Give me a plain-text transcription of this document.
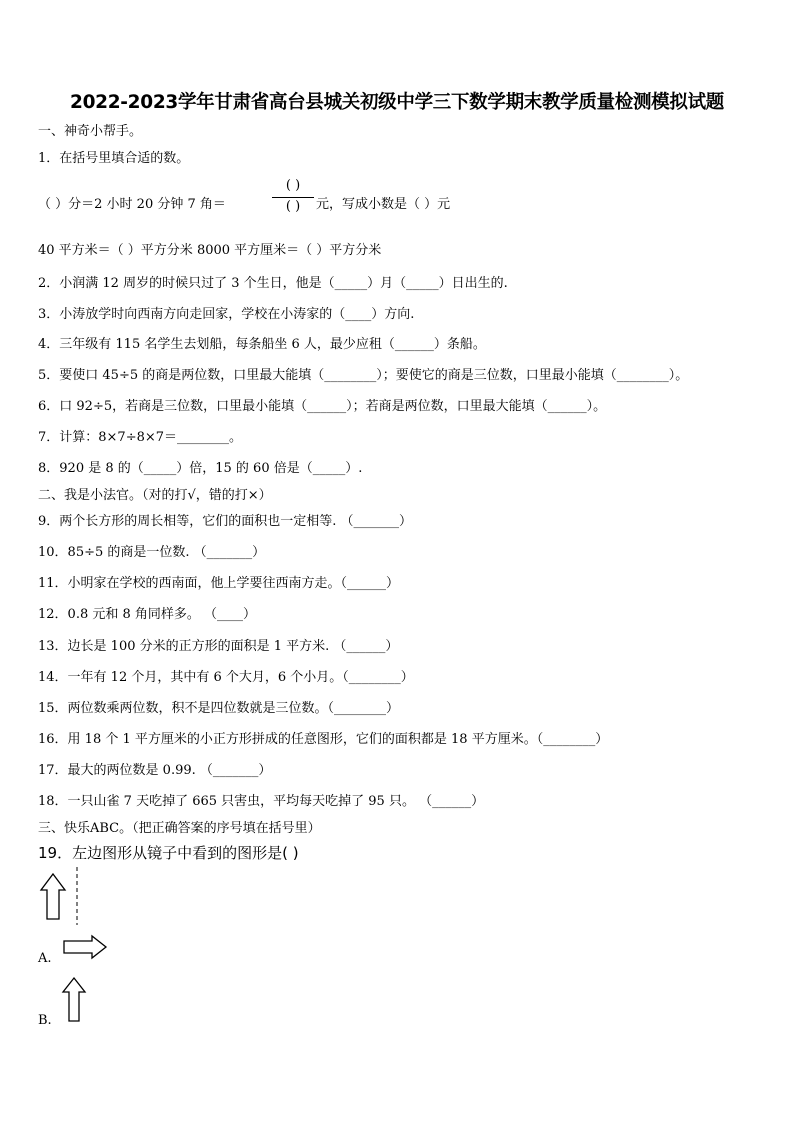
2022-2023学年甘肃省高台县城关初级中学三下数学期末教学质量检测模拟试题
一、神奇小帮手。
1．在括号里填合适的数。
（ ）分＝2 小时 20 分钟 7 角＝
( )
( )	元，写成小数是（ ）元
40 平方米＝（ ）平方分米 8000 平方厘米＝（ ）平方分米
2．小润满 12 周岁的时候只过了 3 个生日，他是（_____）月（_____）日出生的.
3．小涛放学时向西南方向走回家，学校在小涛家的（____）方向.
4．三年级有 115 名学生去划船，每条船坐 6 人，最少应租（______）条船。
5．要使口 45÷5 的商是两位数，口里最大能填（________）；要使它的商是三位数，口里最小能填（________）。
6．口 92÷5，若商是三位数，口里最小能填（______）；若商是两位数，口里最大能填（______）。
7．计算：8×7÷8×7＝________。
8．920 是 8 的（_____）倍，15 的 60 倍是（_____）.
二、我是小法官。（对的打√，错的打×）
9．两个长方形的周长相等，它们的面积也一定相等. （_______）
10．85÷5 的商是一位数. （_______）
11．小明家在学校的西南面，他上学要往西南方走。（______）
12．0.8 元和 8 角同样多。 （____）
13．边长是 100 分米的正方形的面积是 1 平方米. （______）
14．一年有 12 个月，其中有 6 个大月，6 个小月。（________）
15．两位数乘两位数，积不是四位数就是三位数。（________）
16．用 18 个 1 平方厘米的小正方形拼成的任意图形，它们的面积都是 18 平方厘米。（________）
17．最大的两位数是 0.99. （_______）
18．一只山雀 7 天吃掉了 665 只害虫，平均每天吃掉了 95 只。 （______）
三、快乐ABC。（把正确答案的序号填在括号里）
19．左边图形从镜子中看到的图形是( )
A.
B.
